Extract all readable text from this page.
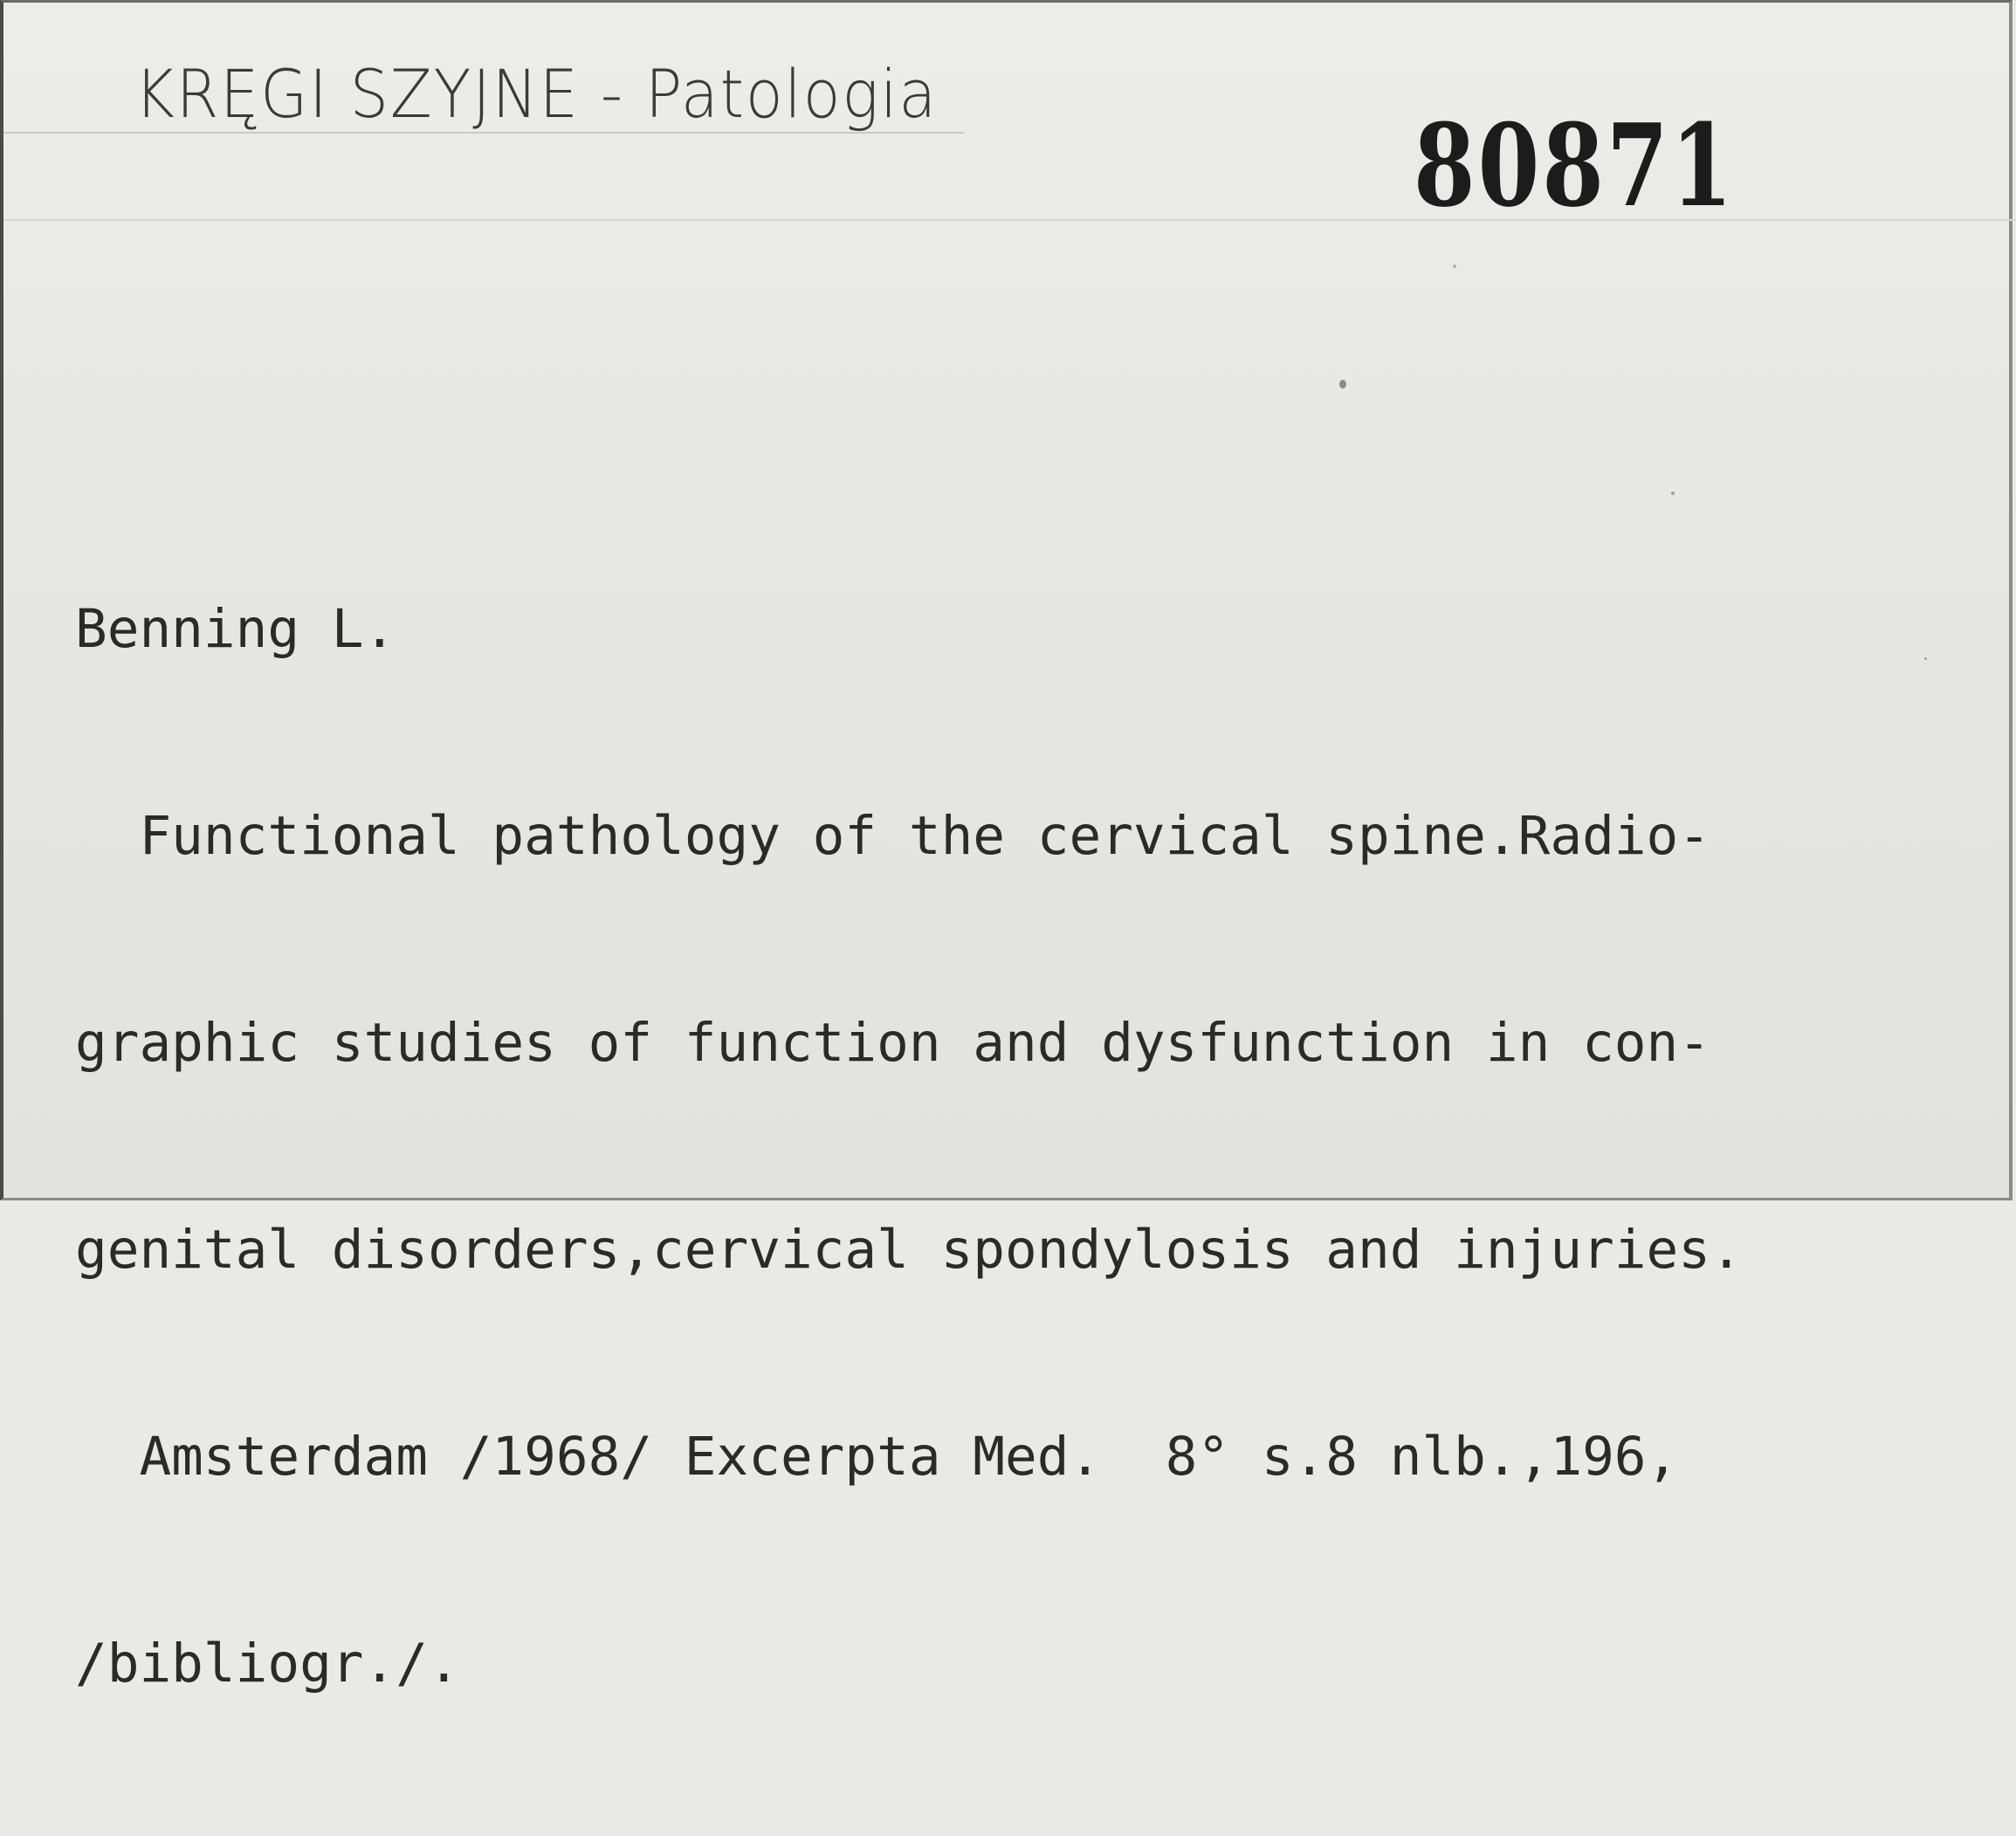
KRĘGI SZYJNE - Patologia
80871

Benning L.

Functional pathology of the cervical spine.Radio-

graphic studies of function and dysfunction in con-

genital disorders,cervical spondylosis and injuries.

Amsterdam /1968/ Excerpta Med.  8° s.8 nlb.,196,

/bibliogr./.
